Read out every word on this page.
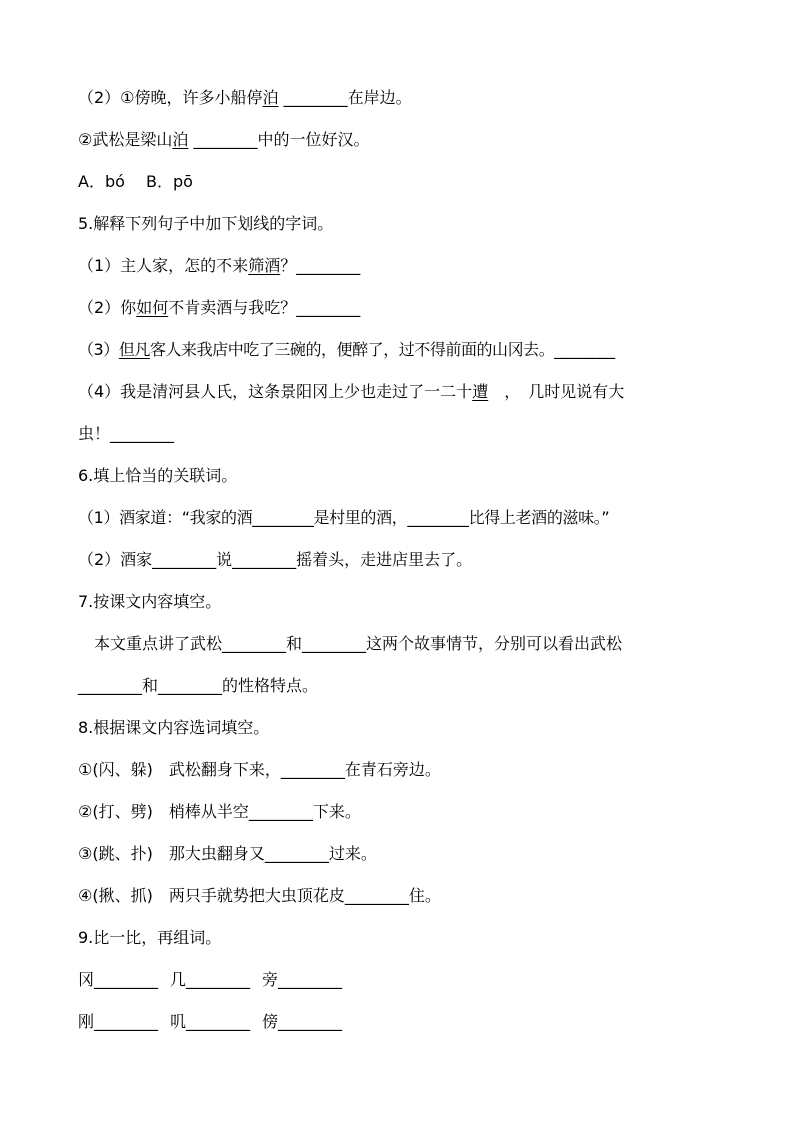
（2）①傍晚，许多小船停泊 ________在岸边。
②武松是梁山泊 ________中的一位好汉。
A．bó　 B．pō
5.解释下列句子中加下划线的字词。
（1）主人家，怎的不来筛酒？________
（2）你如何不肯卖酒与我吃？________
（3）但凡客人来我店中吃了三碗的，便醉了，过不得前面的山冈去。________
（4）我是清河县人氏，这条景阳冈上少也走过了一二十遭　，　几时见说有大
虫！________
6.填上恰当的关联词。
（1）酒家道：“我家的酒________是村里的酒，________比得上老酒的滋味。”
（2）酒家________说________摇着头，走进店里去了。
7.按课文内容填空。
本文重点讲了武松________和________这两个故事情节，分别可以看出武松
________和________的性格特点。
8.根据课文内容选词填空。
①(闪、躲)　武松翻身下来，________在青石旁边。
②(打、劈)　梢棒从半空________下来。
③(跳、扑)　那大虫翻身又________过来。
④(揪、抓)　两只手就势把大虫顶花皮________住。
9.比一比，再组词。
冈________ 几________ 旁________
刚________ 叽________ 傍________
